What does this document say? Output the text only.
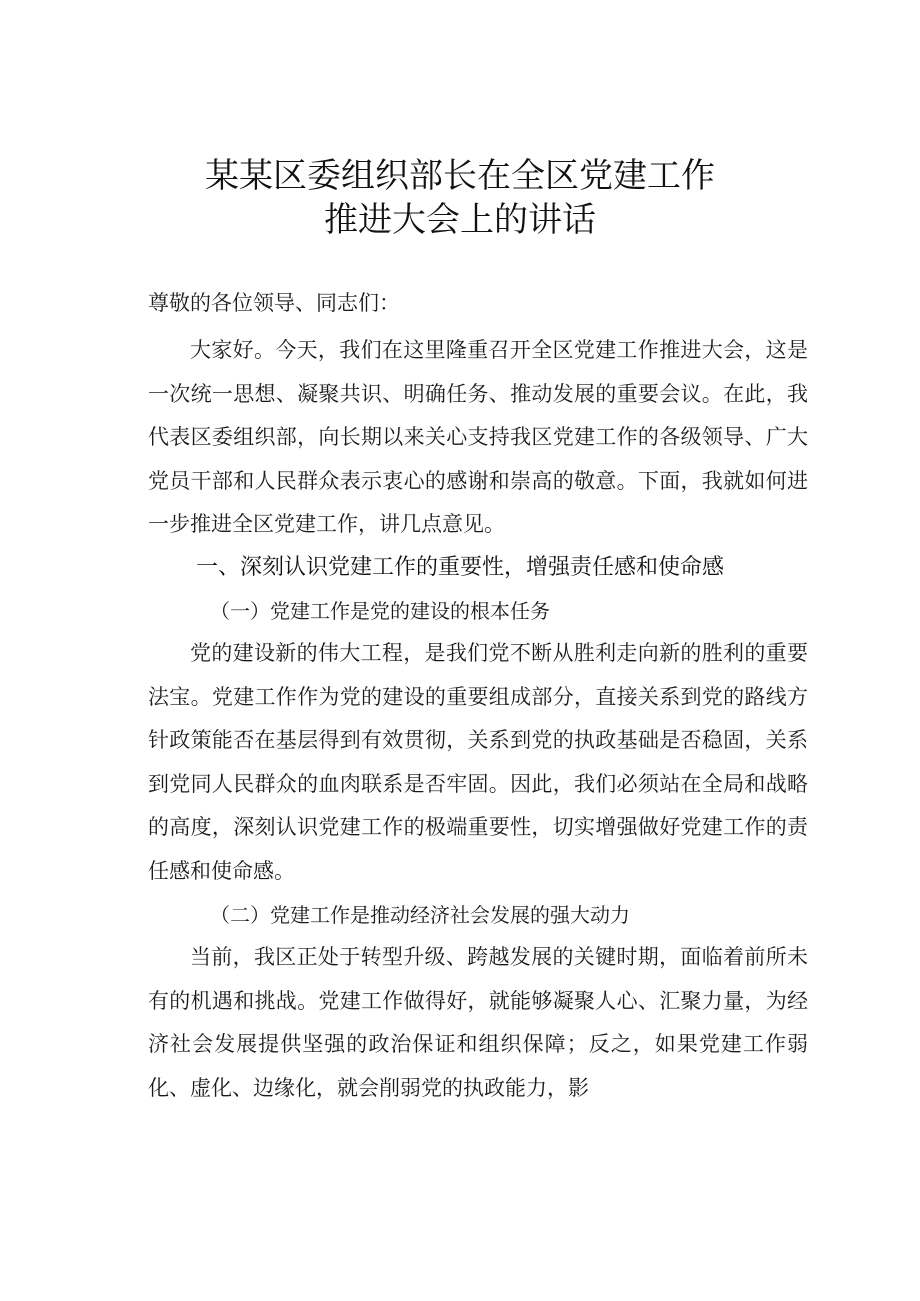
某某区委组织部长在全区党建工作
推进大会上的讲话
尊敬的各位领导、同志们：

大家好。今天，我们在这里隆重召开全区党建工作推进大会，这是一次统一思想、凝聚共识、明确任务、推动发展的重要会议。在此，我代表区委组织部，向长期以来关心支持我区党建工作的各级领导、广大党员干部和人民群众表示衷心的感谢和崇高的敬意。下面，我就如何进一步推进全区党建工作，讲几点意见。

一、深刻认识党建工作的重要性，增强责任感和使命感
（一）党建工作是党的建设的根本任务

党的建设新的伟大工程，是我们党不断从胜利走向新的胜利的重要法宝。党建工作作为党的建设的重要组成部分，直接关系到党的路线方针政策能否在基层得到有效贯彻，关系到党的执政基础是否稳固，关系到党同人民群众的血肉联系是否牢固。因此，我们必须站在全局和战略的高度，深刻认识党建工作的极端重要性，切实增强做好党建工作的责任感和使命感。

（二）党建工作是推动经济社会发展的强大动力

当前，我区正处于转型升级、跨越发展的关键时期，面临着前所未有的机遇和挑战。党建工作做得好，就能够凝聚人心、汇聚力量，为经济社会发展提供坚强的政治保证和组织保障；反之，如果党建工作弱化、虚化、边缘化，就会削弱党的执政能力，影
